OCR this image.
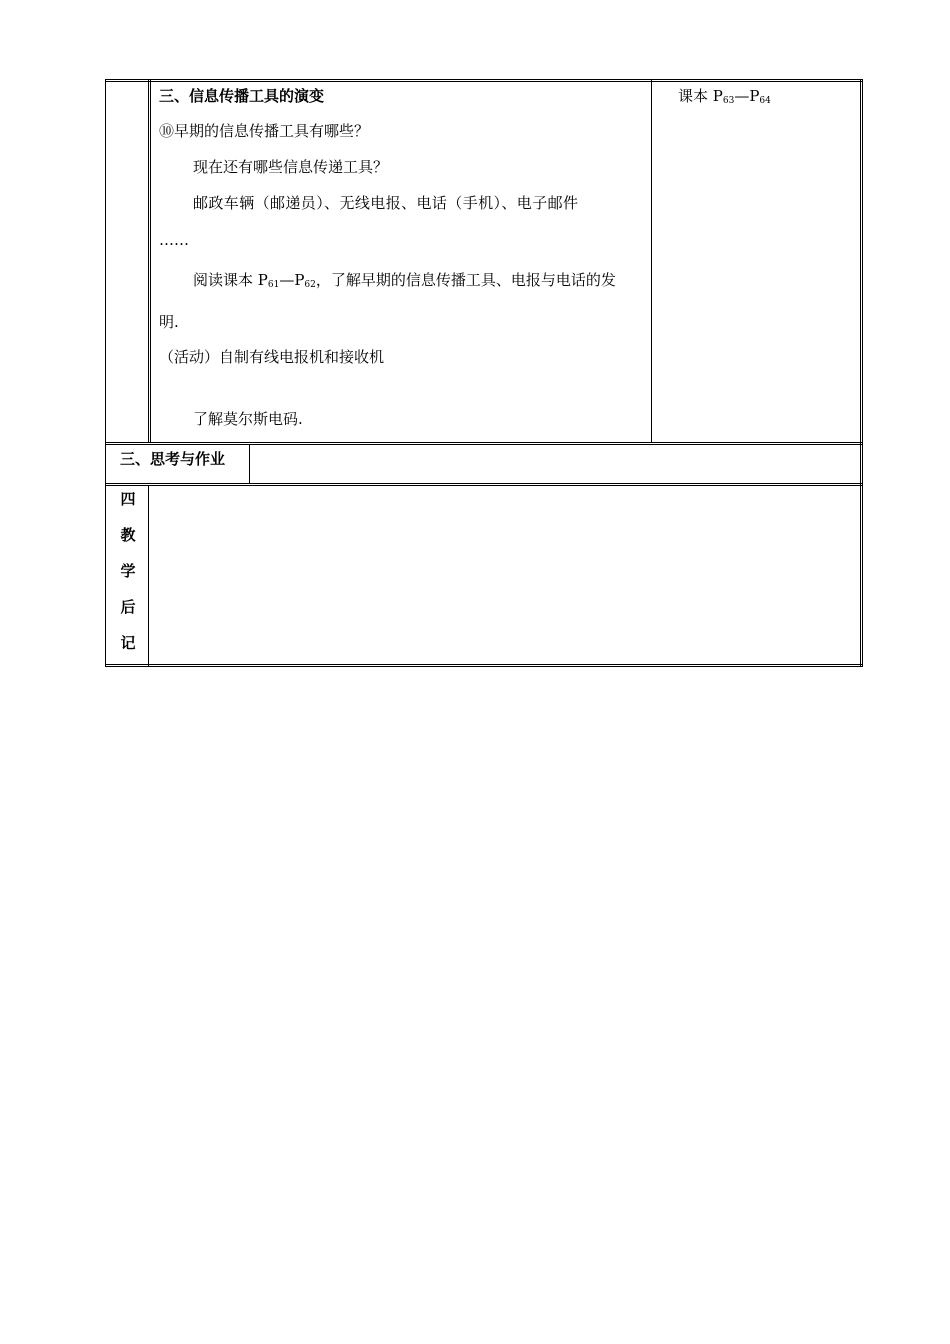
三、信息传播工具的演变
⑩早期的信息传播工具有哪些？
现在还有哪些信息传递工具？
邮政车辆（邮递员）、无线电报、电话（手机）、电子邮件
……
阅读课本 $P_{61}—P_{62}$，了解早期的信息传播工具、电报与电话的发
明.
（活动）自制有线电报机和接收机
了解莫尔斯电码.
课本 $P_{63}—P_{64}$
三、思考与作业
四
教
学
后
记
